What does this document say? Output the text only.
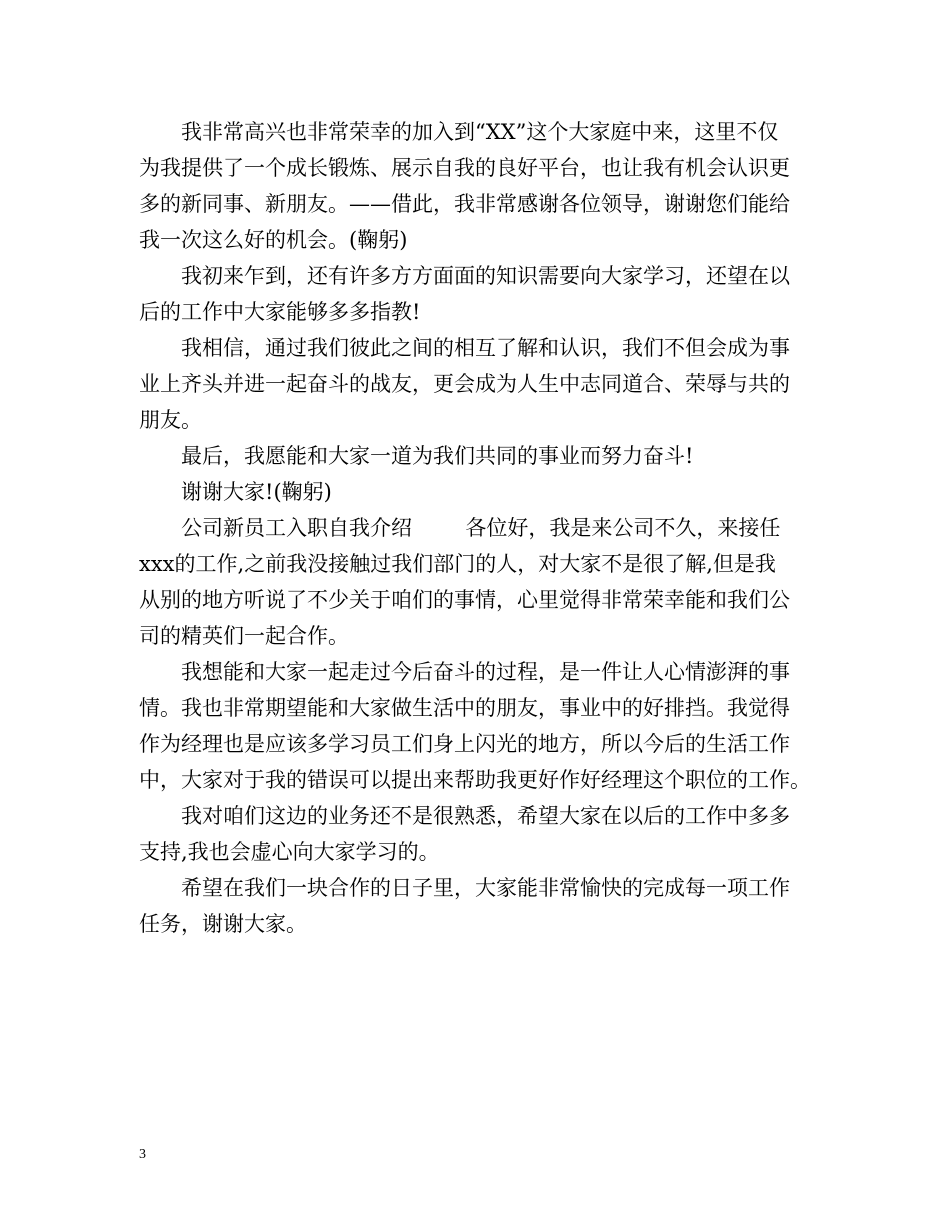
我非常高兴也非常荣幸的加入到“XX”这个大家庭中来，这里不仅
为我提供了一个成长锻炼、展示自我的良好平台，也让我有机会认识更
多的新同事、新朋友。——借此，我非常感谢各位领导，谢谢您们能给
我一次这么好的机会。(鞠躬)

我初来乍到，还有许多方方面面的知识需要向大家学习，还望在以
后的工作中大家能够多多指教!

我相信，通过我们彼此之间的相互了解和认识，我们不但会成为事
业上齐头并进一起奋斗的战友，更会成为人生中志同道合、荣辱与共的
朋友。

最后，我愿能和大家一道为我们共同的事业而努力奋斗!

谢谢大家!(鞠躬)

公司新员工入职自我介绍        各位好，我是来公司不久，来接任
xxx的工作,之前我没接触过我们部门的人，对大家不是很了解,但是我
从别的地方听说了不少关于咱们的事情，心里觉得非常荣幸能和我们公
司的精英们一起合作。

我想能和大家一起走过今后奋斗的过程，是一件让人心情澎湃的事
情。我也非常期望能和大家做生活中的朋友，事业中的好排挡。我觉得
作为经理也是应该多学习员工们身上闪光的地方，所以今后的生活工作
中，大家对于我的错误可以提出来帮助我更好作好经理这个职位的工作。

我对咱们这边的业务还不是很熟悉，希望大家在以后的工作中多多
支持,我也会虚心向大家学习的。

希望在我们一块合作的日子里，大家能非常愉快的完成每一项工作
任务，谢谢大家。

3
